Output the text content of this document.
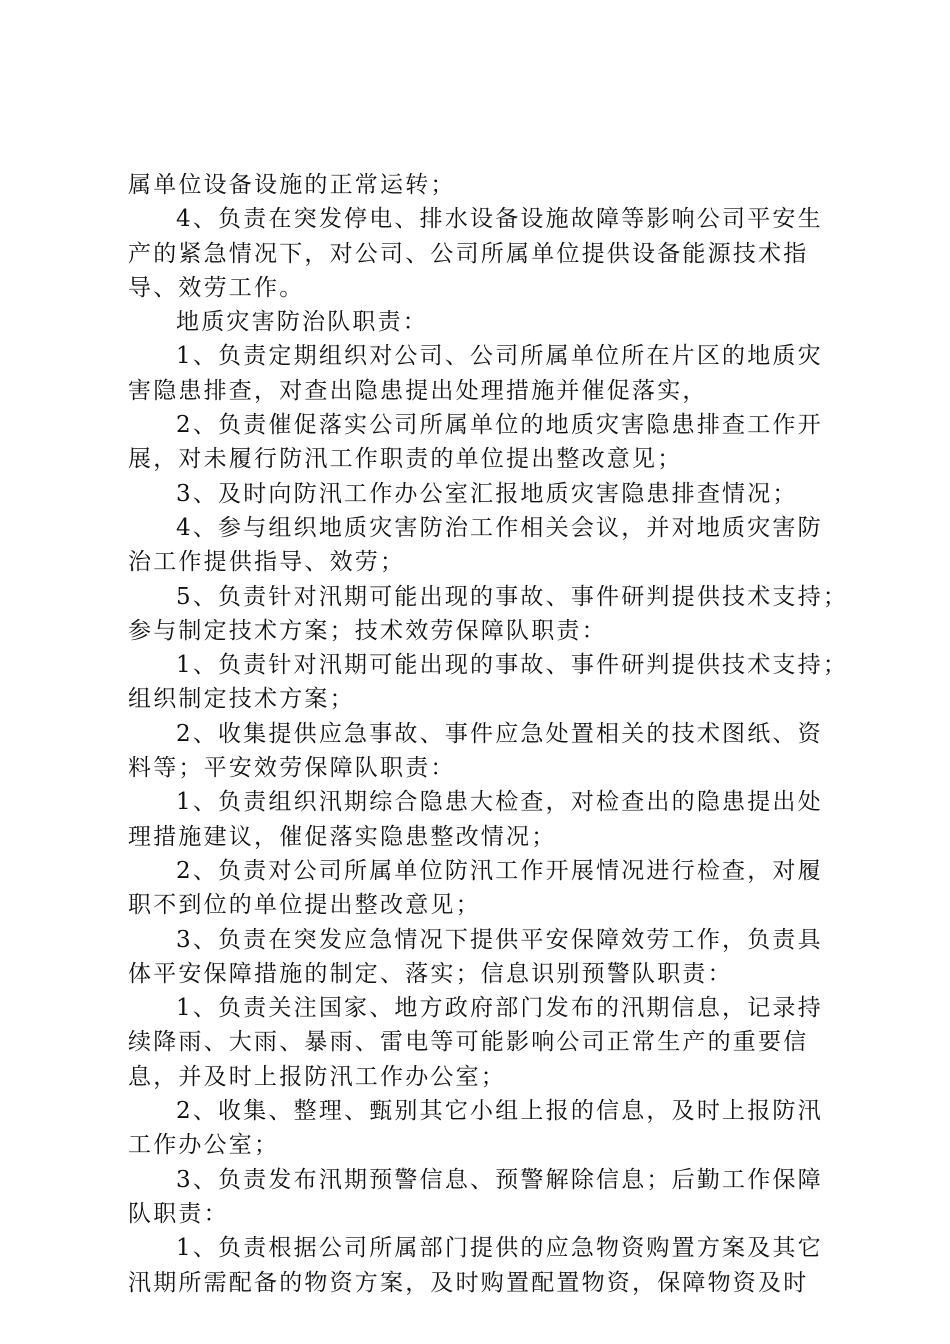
属单位设备设施的正常运转；
4、负责在突发停电、排水设备设施故障等影响公司平安生
产的紧急情况下，对公司、公司所属单位提供设备能源技术指
导、效劳工作。
地质灾害防治队职责：
1、负责定期组织对公司、公司所属单位所在片区的地质灾
害隐患排查，对查出隐患提出处理措施并催促落实，
2、负责催促落实公司所属单位的地质灾害隐患排查工作开
展，对未履行防汛工作职责的单位提出整改意见；
3、及时向防汛工作办公室汇报地质灾害隐患排查情况；
4、参与组织地质灾害防治工作相关会议，并对地质灾害防
治工作提供指导、效劳；
5、负责针对汛期可能出现的事故、事件研判提供技术支持；
参与制定技术方案；技术效劳保障队职责：
1、负责针对汛期可能出现的事故、事件研判提供技术支持；
组织制定技术方案；
2、收集提供应急事故、事件应急处置相关的技术图纸、资
料等；平安效劳保障队职责：
1、负责组织汛期综合隐患大检查，对检查出的隐患提出处
理措施建议，催促落实隐患整改情况；
2、负责对公司所属单位防汛工作开展情况进行检查，对履
职不到位的单位提出整改意见；
3、负责在突发应急情况下提供平安保障效劳工作，负责具
体平安保障措施的制定、落实；信息识别预警队职责：
1、负责关注国家、地方政府部门发布的汛期信息，记录持
续降雨、大雨、暴雨、雷电等可能影响公司正常生产的重要信
息，并及时上报防汛工作办公室；
2、收集、整理、甄别其它小组上报的信息，及时上报防汛
工作办公室；
3、负责发布汛期预警信息、预警解除信息；后勤工作保障
队职责：
1、负责根据公司所属部门提供的应急物资购置方案及其它
汛期所需配备的物资方案，及时购置配置物资，保障物资及时
